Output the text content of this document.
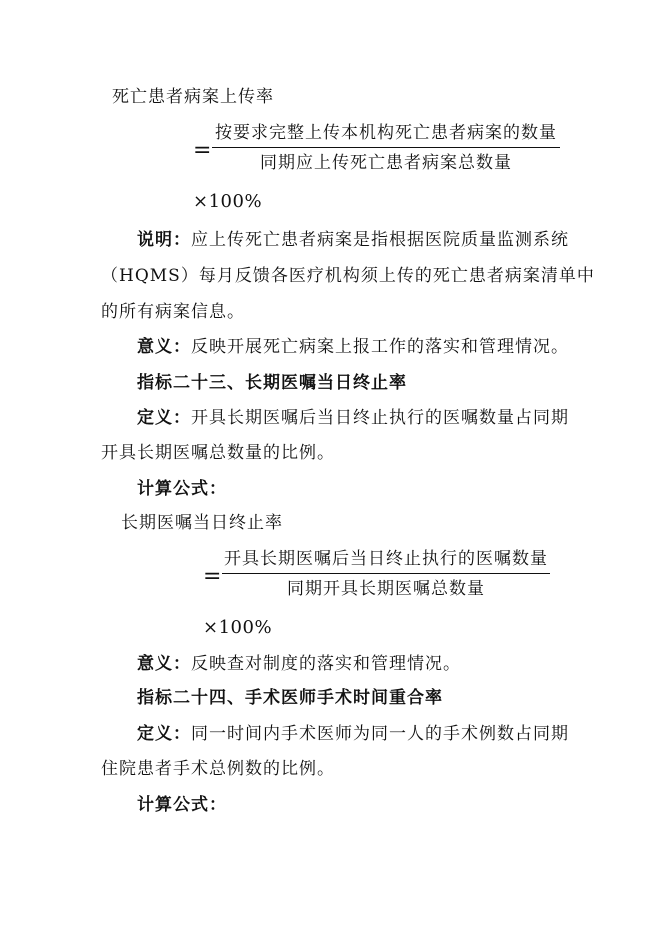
死亡患者病案上传率
=
按要求完整上传本机构死亡患者病案的数量
同期应上传死亡患者病案总数量
×100%
说明：应上传死亡患者病案是指根据医院质量监测系统
（HQMS）每月反馈各医疗机构须上传的死亡患者病案清单中
的所有病案信息。
意义：反映开展死亡病案上报工作的落实和管理情况。
指标二十三、长期医嘱当日终止率
定义：开具长期医嘱后当日终止执行的医嘱数量占同期
开具长期医嘱总数量的比例。
计算公式：
长期医嘱当日终止率
=
开具长期医嘱后当日终止执行的医嘱数量
同期开具长期医嘱总数量
×100%
意义：反映查对制度的落实和管理情况。
指标二十四、手术医师手术时间重合率
定义：同一时间内手术医师为同一人的手术例数占同期
住院患者手术总例数的比例。
计算公式：
